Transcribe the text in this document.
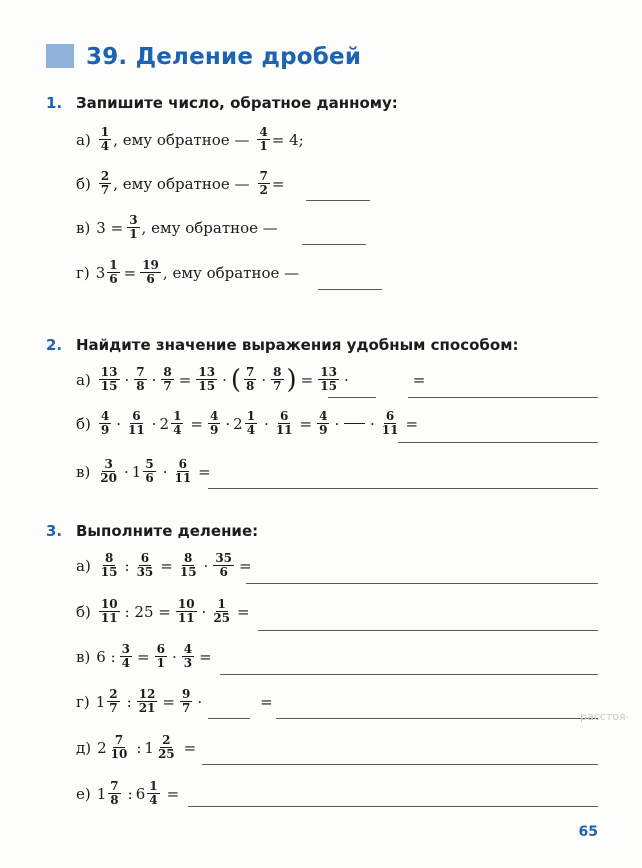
39. Деление дробей
1. Запишите число, обратное данному:
$а) \frac{1}{4}$ , ему обратное — $\frac{4}{1} = 4$;
$б) \frac{2}{7}$ , ему обратное — $\frac{7}{2}$ =
в) $3 = \frac{3}{1}$ , ему обратное —
г) $3 \frac{1}{6} = \frac{19}{6}$ , ему обратное —
2. Найдите значение выражения удобным способом:
$а) \frac{13}{15} \cdot \frac{7}{8} \cdot \frac{8}{7} = \frac{13}{15}$ · ( $\frac{7}{8} \cdot \frac{8}{7}$ ) = $\frac{13}{15}$ ·	=
$б) \frac{4}{9} \cdot \frac{6}{11} \cdot 2 \frac{1}{4} = \frac{4}{9} \cdot 2 \frac{1}{4} \cdot \frac{6}{11} = \frac{4}{9}$ ·

   · $\frac{6}{11}$ =
$в) \frac{3}{20} \cdot 1 \frac{5}{6} \cdot \frac{6}{11}$ =
3. Выполните деление:
$а) \frac{8}{15}$ : $\frac{6}{35} = \frac{8}{15} \cdot \frac{35}{6}$ =
$б) \frac{10}{11}$ : $25 = \frac{10}{11} \cdot \frac{1}{25}$ =
в) 6 : $\frac{3}{4} = \frac{6}{1} \cdot \frac{4}{3}$ =
г) $1 \frac{2}{7}$ : $\frac{12}{21} = \frac{9}{7}$ ·	=
д) $2 \frac{7}{10}$ : $1 \frac{2}{25}$ =
е) $1 \frac{7}{8}$ : $6 \frac{1}{4}$ =
расстоя-
65
